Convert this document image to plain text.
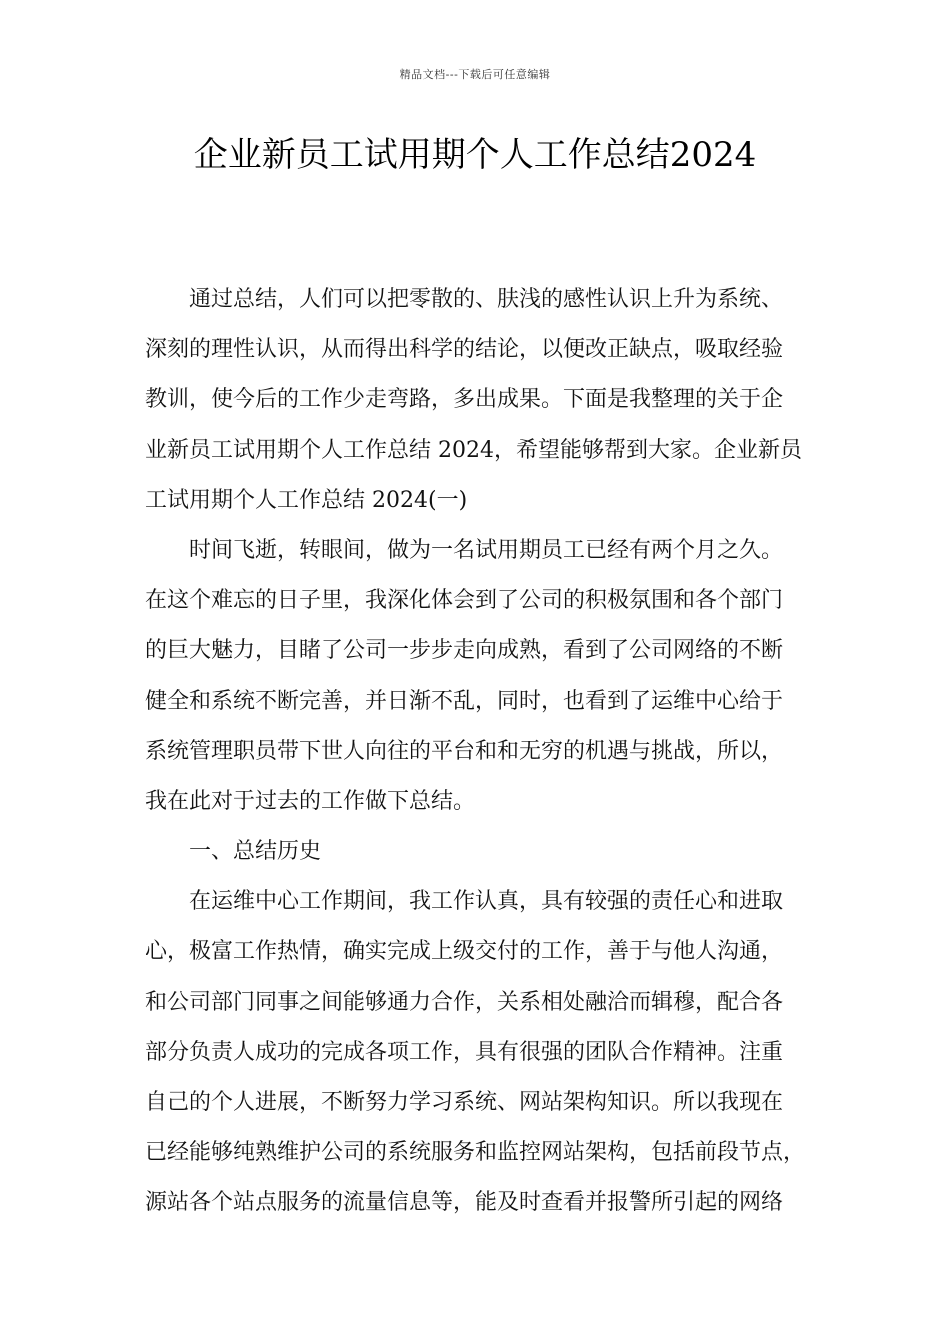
精品文档---下载后可任意编辑
企业新员工试用期个人工作总结2024
通过总结，人们可以把零散的、肤浅的感性认识上升为系统、
深刻的理性认识，从而得出科学的结论，以便改正缺点，吸取经验
教训，使今后的工作少走弯路，多出成果。下面是我整理的关于企
业新员工试用期个人工作总结 2024，希望能够帮到大家。企业新员
工试用期个人工作总结 2024(一)
时间飞逝，转眼间，做为一名试用期员工已经有两个月之久。
在这个难忘的日子里，我深化体会到了公司的积极氛围和各个部门
的巨大魅力，目睹了公司一步步走向成熟，看到了公司网络的不断
健全和系统不断完善，并日渐不乱，同时，也看到了运维中心给于
系统管理职员带下世人向往的平台和和无穷的机遇与挑战，所以，
我在此对于过去的工作做下总结。
一、总结历史
在运维中心工作期间，我工作认真，具有较强的责任心和进取
心，极富工作热情，确实完成上级交付的工作，善于与他人沟通，
和公司部门同事之间能够通力合作，关系相处融洽而辑穆，配合各
部分负责人成功的完成各项工作，具有很强的团队合作精神。注重
自己的个人进展，不断努力学习系统、网站架构知识。所以我现在
已经能够纯熟维护公司的系统服务和监控网站架构，包括前段节点，
源站各个站点服务的流量信息等，能及时查看并报警所引起的网络
